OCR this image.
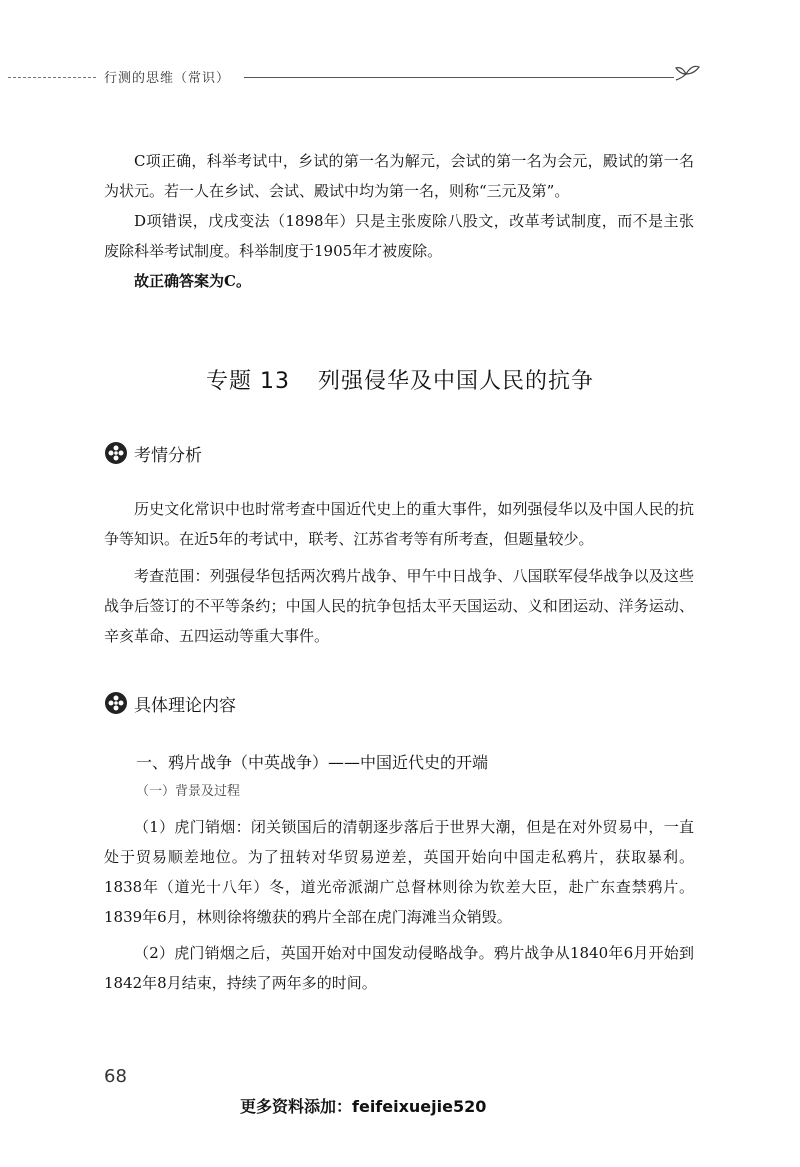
行测的思维（常识）

C项正确，科举考试中，乡试的第一名为解元，会试的第一名为会元，殿试的第一名为状元。若一人在乡试、会试、殿试中均为第一名，则称“三元及第”。

D项错误，戊戌变法（1898年）只是主张废除八股文，改革考试制度，而不是主张废除科举考试制度。科举制度于1905年才被废除。

故正确答案为C。

专题 13 列强侵华及中国人民的抗争
考情分析

历史文化常识中也时常考查中国近代史上的重大事件，如列强侵华以及中国人民的抗争等知识。在近5年的考试中，联考、江苏省考等有所考查，但题量较少。

考查范围：列强侵华包括两次鸦片战争、甲午中日战争、八国联军侵华战争以及这些战争后签订的不平等条约；中国人民的抗争包括太平天国运动、义和团运动、洋务运动、辛亥革命、五四运动等重大事件。

具体理论内容
一、鸦片战争（中英战争）——中国近代史的开端
（一）背景及过程

（1）虎门销烟：闭关锁国后的清朝逐步落后于世界大潮，但是在对外贸易中，一直处于贸易顺差地位。为了扭转对华贸易逆差，英国开始向中国走私鸦片，获取暴利。1838年（道光十八年）冬，道光帝派湖广总督林则徐为钦差大臣，赴广东查禁鸦片。1839年6月，林则徐将缴获的鸦片全部在虎门海滩当众销毁。

（2）虎门销烟之后，英国开始对中国发动侵略战争。鸦片战争从1840年6月开始到1842年8月结束，持续了两年多的时间。

68
更多资料添加：feifeixuejie520
